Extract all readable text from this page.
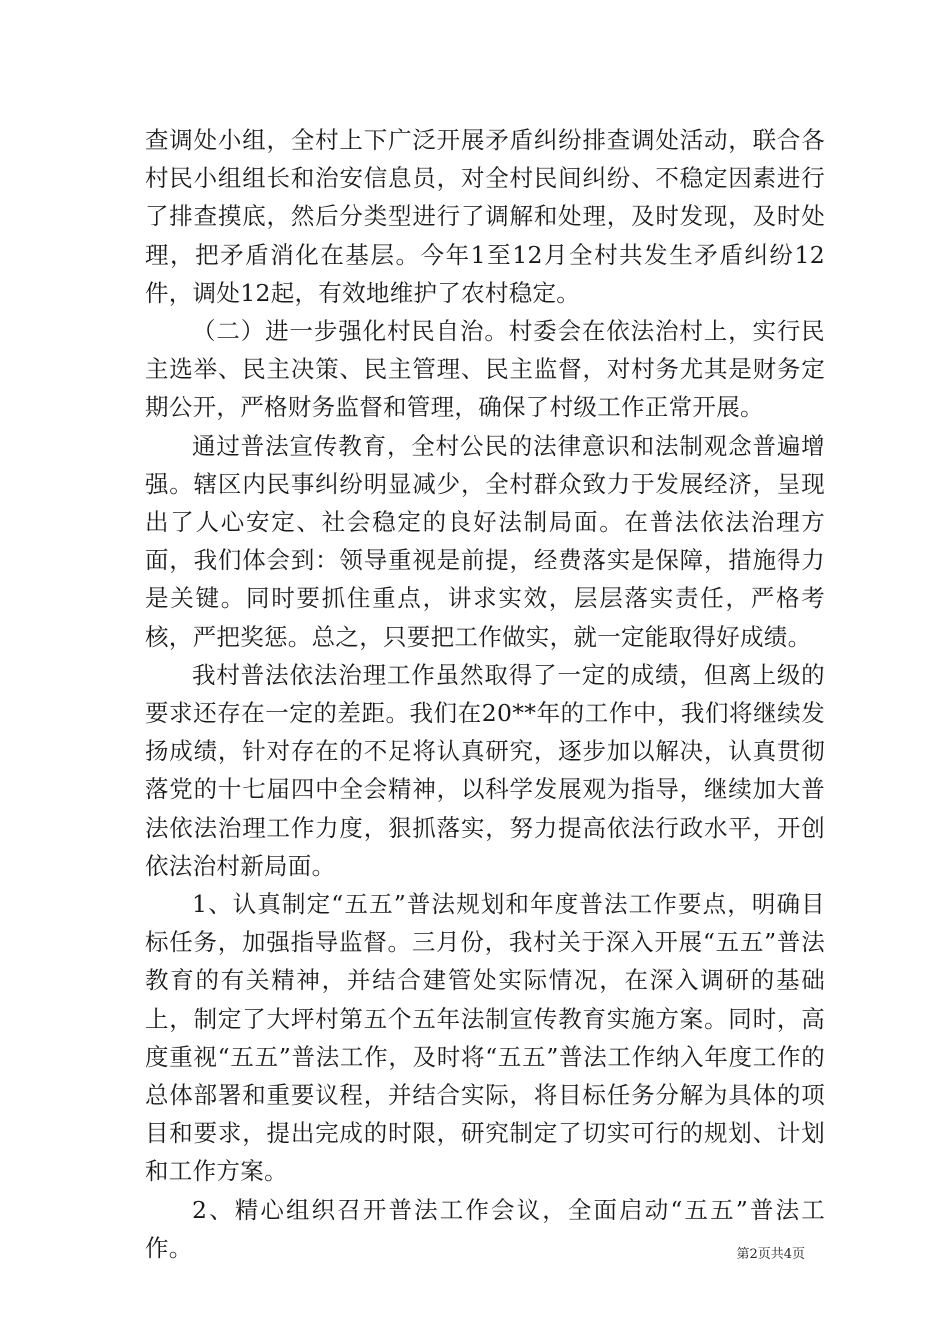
查调处小组，全村上下广泛开展矛盾纠纷排查调处活动，联合各村民小组组长和治安信息员，对全村民间纠纷、不稳定因素进行了排查摸底，然后分类型进行了调解和处理，及时发现，及时处理，把矛盾消化在基层。今年1至12月全村共发生矛盾纠纷12件，调处12起，有效地维护了农村稳定。

（二）进一步强化村民自治。村委会在依法治村上，实行民主选举、民主决策、民主管理、民主监督，对村务尤其是财务定期公开，严格财务监督和管理，确保了村级工作正常开展。

通过普法宣传教育，全村公民的法律意识和法制观念普遍增强。辖区内民事纠纷明显减少，全村群众致力于发展经济，呈现出了人心安定、社会稳定的良好法制局面。在普法依法治理方面，我们体会到：领导重视是前提，经费落实是保障，措施得力是关键。同时要抓住重点，讲求实效，层层落实责任，严格考核，严把奖惩。总之，只要把工作做实，就一定能取得好成绩。

我村普法依法治理工作虽然取得了一定的成绩，但离上级的要求还存在一定的差距。我们在20**年的工作中，我们将继续发扬成绩，针对存在的不足将认真研究，逐步加以解决，认真贯彻落党的十七届四中全会精神，以科学发展观为指导，继续加大普法依法治理工作力度，狠抓落实，努力提高依法行政水平，开创依法治村新局面。

1、认真制定“五五”普法规划和年度普法工作要点，明确目标任务，加强指导监督。三月份，我村关于深入开展“五五”普法教育的有关精神，并结合建管处实际情况，在深入调研的基础上，制定了大坪村第五个五年法制宣传教育实施方案。同时，高度重视“五五”普法工作，及时将“五五”普法工作纳入年度工作的总体部署和重要议程，并结合实际，将目标任务分解为具体的项目和要求，提出完成的时限，研究制定了切实可行的规划、计划和工作方案。

2、精心组织召开普法工作会议，全面启动“五五”普法工作。	第2页共4页
